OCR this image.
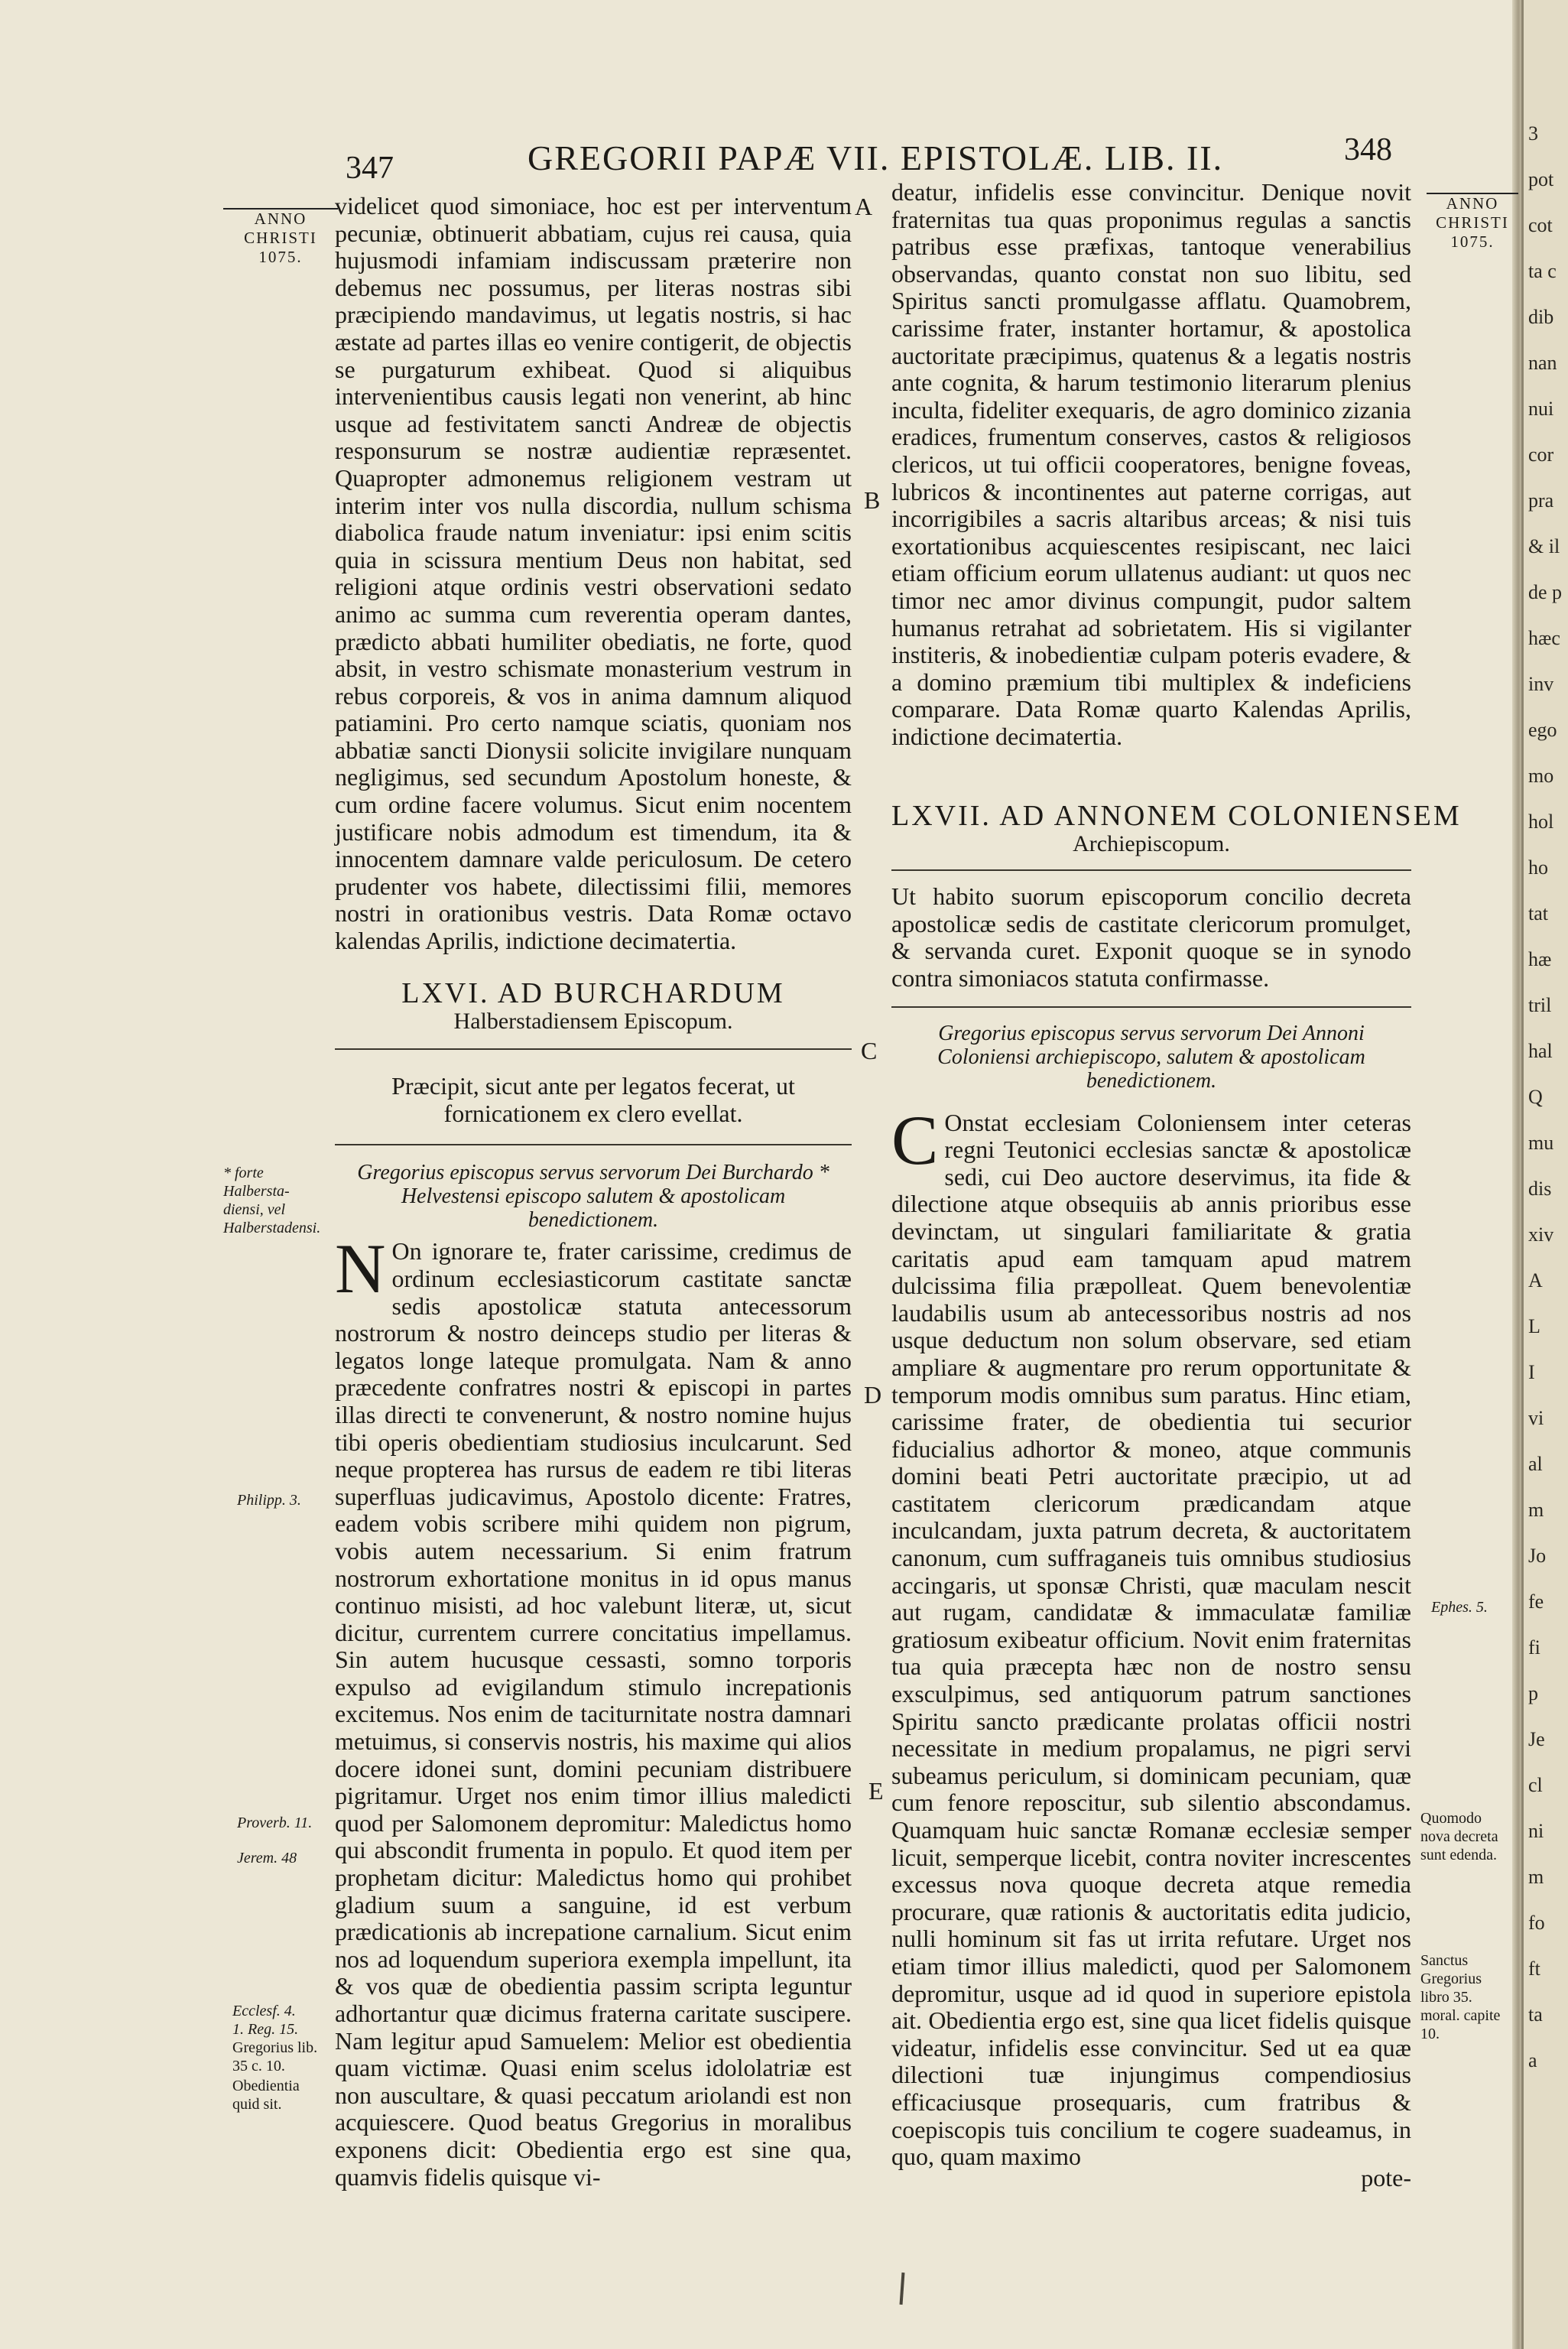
3
pot
cot
ta c
dib
nan
nui
cor
pra
& il
de p
hæc
inv
ego
mo
hol
ho
tat
hæ
tril
hal
Q
mu
dis
xiv
A
L
I
vi
al
m
Jo
fe
fi
p
Je
cl
ni
m
fo
ft
ta
a
347	GREGORII PAPÆ VII. EPISTOLÆ. LIB. II.	348
ANNO
CHRISTI
1075.
ANNO
CHRISTI
1075.
* forte Halbersta-diensi, vel Halberstadensi.
Philipp. 3.
Proverb. 11.
Jerem. 48
Ecclesf. 4.
1. Reg. 15.
Gregorius lib. 35 c. 10.
Obedientia quid sit.
Ephes. 5.
Quomodo nova decreta sunt edenda.
Sanctus Gregorius libro 35. moral. capite 10.
A
B
C
D
E

videlicet quod simoniace, hoc est per interventum pecuniæ, obtinuerit abbatiam, cujus rei causa, quia hujusmodi infamiam indiscussam præterire non debemus nec possumus, per literas nostras sibi præcipiendo mandavimus, ut legatis nostris, si hac æstate ad partes illas eo venire contigerit, de objectis se purgaturum exhibeat. Quod si aliquibus intervenientibus causis legati non venerint, ab hinc usque ad festivitatem sancti Andreæ de objectis responsurum se nostræ audientiæ repræsentet. Quapropter admonemus religionem vestram ut interim inter vos nulla discordia, nullum schisma diabolica fraude natum inveniatur: ipsi enim scitis quia in scissura mentium Deus non habitat, sed religioni atque ordinis vestri observationi sedato animo ac summa cum reverentia operam dantes, prædicto abbati humiliter obediatis, ne forte, quod absit, in vestro schismate monasterium vestrum in rebus corporeis, & vos in anima damnum aliquod patiamini. Pro certo namque sciatis, quoniam nos abbatiæ sancti Dionysii solicite invigilare nunquam negligimus, sed secundum Apostolum honeste, & cum ordine facere volumus. Sicut enim nocentem justificare nobis admodum est timendum, ita & innocentem damnare valde periculosum. De cetero prudenter vos habete, dilectissimi filii, memores nostri in orationibus vestris. Data Romæ octavo kalendas Aprilis, indictione decimatertia.

LXVI. AD BURCHARDUM
Halberstadiensem Episcopum.
Præcipit, sicut ante per legatos fecerat, ut fornicationem ex clero evellat.
Gregorius episcopus servus servorum Dei Burchardo * Helvestensi episcopo salutem & apostolicam benedictionem.

N On ignorare te, frater carissime, credimus de ordinum ecclesiasticorum castitate sanctæ sedis apostolicæ statuta antecessorum nostrorum & nostro deinceps studio per literas & legatos longe lateque promulgata. Nam & anno præcedente confratres nostri & episcopi in partes illas directi te convenerunt, & nostro nomine hujus tibi operis obedientiam studiosius inculcarunt. Sed neque propterea has rursus de eadem re tibi literas superfluas judicavimus, Apostolo dicente: Fratres, eadem vobis scribere mihi quidem non pigrum, vobis autem necessarium. Si enim fratrum nostrorum exhortatione monitus in id opus manus continuo misisti, ad hoc valebunt literæ, ut, sicut dicitur, currentem currere concitatius impellamus. Sin autem hucusque cessasti, somno torporis expulso ad evigilandum stimulo increpationis excitemus. Nos enim de taciturnitate nostra damnari metuimus, si conservis nostris, his maxime qui alios docere idonei sunt, domini pecuniam distribuere pigritamur. Urget nos enim timor illius maledicti quod per Salomonem depromitur: Maledictus homo qui abscondit frumenta in populo. Et quod item per prophetam dicitur: Maledictus homo qui prohibet gladium suum a sanguine, id est verbum prædicationis ab increpatione carnalium. Sicut enim nos ad loquendum superiora exempla impellunt, ita & vos quæ de obedientia passim scripta leguntur adhortantur quæ dicimus fraterna caritate suscipere. Nam legitur apud Samuelem: Melior est obedientia quam victimæ. Quasi enim scelus idololatriæ est non auscultare, & quasi peccatum ariolandi est non acquiescere. Quod beatus Gregorius in moralibus exponens dicit: Obedientia ergo est sine qua, quamvis fidelis quisque vi-

deatur, infidelis esse convincitur. Denique novit fraternitas tua quas proponimus regulas a sanctis patribus esse præfixas, tantoque venerabilius observandas, quanto constat non suo libitu, sed Spiritus sancti promulgasse afflatu. Quamobrem, carissime frater, instanter hortamur, & apostolica auctoritate præcipimus, quatenus & a legatis nostris ante cognita, & harum testimonio literarum plenius inculta, fideliter exequaris, de agro dominico zizania eradices, frumentum conserves, castos & religiosos clericos, ut tui officii cooperatores, benigne foveas, lubricos & incontinentes aut paterne corrigas, aut incorrigibiles a sacris altaribus arceas; & nisi tuis exortationibus acquiescentes resipiscant, nec laici etiam officium eorum ullatenus audiant: ut quos nec timor nec amor divinus compungit, pudor saltem humanus retrahat ad sobrietatem. His si vigilanter institeris, & inobedientiæ culpam poteris evadere, & a domino præmium tibi multiplex & indeficiens comparare. Data Romæ quarto Kalendas Aprilis, indictione decimatertia.

LXVII. AD ANNONEM COLONIENSEM
Archiepiscopum.
Ut habito suorum episcoporum concilio decreta apostolicæ sedis de castitate clericorum promulget, & servanda curet. Exponit quoque se in synodo contra simoniacos statuta confirmasse.
Gregorius episcopus servus servorum Dei Annoni Coloniensi archiepiscopo, salutem & apostolicam benedictionem.

C Onstat ecclesiam Coloniensem inter ceteras regni Teutonici ecclesias sanctæ & apostolicæ sedi, cui Deo auctore deservimus, ita fide & dilectione atque obsequiis ab annis prioribus esse devinctam, ut singulari familiaritate & gratia caritatis apud eam tamquam apud matrem dulcissima filia præpolleat. Quem benevolentiæ laudabilis usum ab antecessoribus nostris ad nos usque deductum non solum observare, sed etiam ampliare & augmentare pro rerum opportunitate & temporum modis omnibus sum paratus. Hinc etiam, carissime frater, de obedientia tui securior fiducialius adhortor & moneo, atque communis domini beati Petri auctoritate præcipio, ut ad castitatem clericorum prædicandam atque inculcandam, juxta patrum decreta, & auctoritatem canonum, cum suffraganeis tuis omnibus studiosius accingaris, ut sponsæ Christi, quæ maculam nescit aut rugam, candidatæ & immaculatæ familiæ gratiosum exibeatur officium. Novit enim fraternitas tua quia præcepta hæc non de nostro sensu exsculpimus, sed antiquorum patrum sanctiones Spiritu sancto prædicante prolatas officii nostri necessitate in medium propalamus, ne pigri servi subeamus periculum, si dominicam pecuniam, quæ cum fenore reposcitur, sub silentio abscondamus. Quamquam huic sanctæ Romanæ ecclesiæ semper licuit, semperque licebit, contra noviter increscentes excessus nova quoque decreta atque remedia procurare, quæ rationis & auctoritatis edita judicio, nulli hominum sit fas ut irrita refutare. Urget nos etiam timor illius maledicti, quod per Salomonem depromitur, usque ad id quod in superiore epistola ait. Obedientia ergo est, sine qua licet fidelis quisque videatur, infidelis esse convincitur. Sed ut ea quæ dilectioni tuæ injungimus compendiosius efficaciusque prosequaris, cum fratribus & coepiscopis tuis concilium te cogere suadeamus, in quo, quam maximo

pote-
